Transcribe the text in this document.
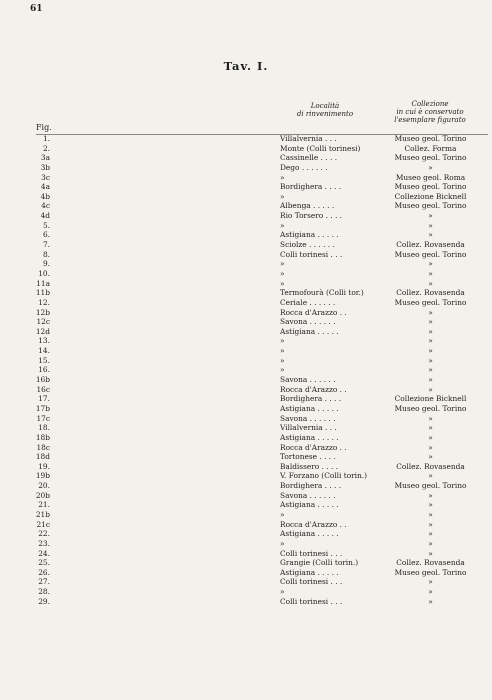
61
Tav. I.
Località
di rinvenimento
Collezione
in cui è conservato
l'esemplare figurato
Fig.
1.	Villalvernia . . .	Museo geol. Torino
2.	Monte (Colli torinesi)	Collez. Forma
3a	Cassinelle . . . .	Museo geol. Torino
3b	Dego . . . . . .	»
3c	»	Museo geol. Roma
4a	Bordighera . . . .	Museo geol. Torino
4b	»	Collezione Bicknell
4c	Albenga . . . . .	Museo geol. Torino
4d	Rio Torsero . . . .	»
5.	»	»
6.	Astigiana . . . . .	»
7.	Sciolze . . . . . .	Collez. Rovasenda
8.	Colli torinesi . . .	Museo geol. Torino
9.	»	»
10.	»	»
11a	»	»
11b	Termofourà (Colli tor.)	Collez. Rovasenda
12.	Ceriale . . . . . .	Museo geol. Torino
12b	Rocca d'Arazzo . .	»
12c	Savona . . . . . .	»
12d	Astigiana . . . . .	»
13.	»	»
14.	»	»
15.	»	»
16.	»	»
16b	Savona . . . . . .	»
16c	Rocca d'Arazzo . .	»
17.	Bordighera . . . .	Collezione Bicknell
17b	Astigiana . . . . .	Museo geol. Torino
17c	Savona . . . . . .	»
18.	Villalvernia . . .	»
18b	Astigiana . . . . .	»
18c	Rocca d'Arazzo . .	»
18d	Tortonese . . . .	»
19.	Baldissero . . . .	Collez. Rovasenda
19b	V. Forzano (Colli torin.)	»
20.	Bordighera . . . .	Museo geol. Torino
20b	Savona . . . . . .	»
21.	Astigiana . . . . .	»
21b	»	»
21c	Rocca d'Arazzo . .	»
22.	Astigiana . . . . .	»
23.	»	»
24.	Colli torinesi . . .	»
25.	Grangie (Colli torin.)	Collez. Rovasenda
26.	Astigiana . . . . .	Museo geol. Torino
27.	Colli torinesi . . .	»
28.	»	»
29.	Colli torinesi . . .	»
